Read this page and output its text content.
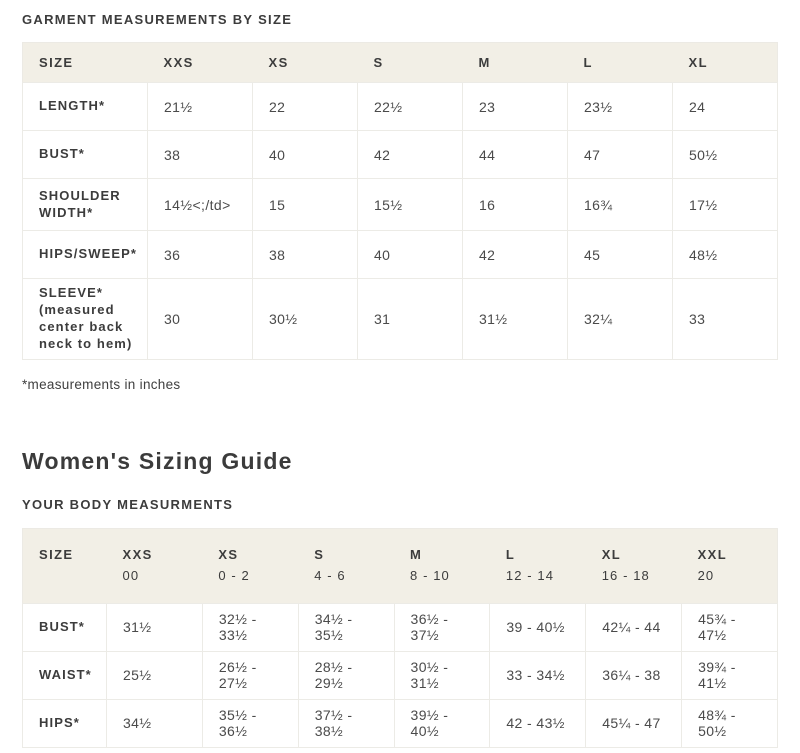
GARMENT MEASUREMENTS BY SIZE
SIZE	XXS	XS	S	M	L	XL
LENGTH*	21½	22	22½	23	23½	24
BUST*	38	40	42	44	47	50½
SHOULDER WIDTH*	14½<;/td>	15	15½	16	16¾	17½
HIPS/SWEEP*	36	38	40	42	45	48½
SLEEVE* (measured center back neck to hem)	30	30½	31	31½	32¼	33

*measurements in inches

Women's Sizing Guide
YOUR BODY MEASURMENTS
SIZE	XXS	XS	S	M	L	XL	XXL
	00	0 - 2	4 - 6	8 - 10	12 - 14	16 - 18	20
BUST*	31½	32½ - 33½	34½ - 35½	36½ - 37½	39 - 40½	42¼ - 44	45¾ - 47½
WAIST*	25½	26½ - 27½	28½ - 29½	30½ - 31½	33 - 34½	36¼ - 38	39¾ - 41½
HIPS*	34½	35½ - 36½	37½ - 38½	39½ - 40½	42 - 43½	45¼ - 47	48¾ - 50½
